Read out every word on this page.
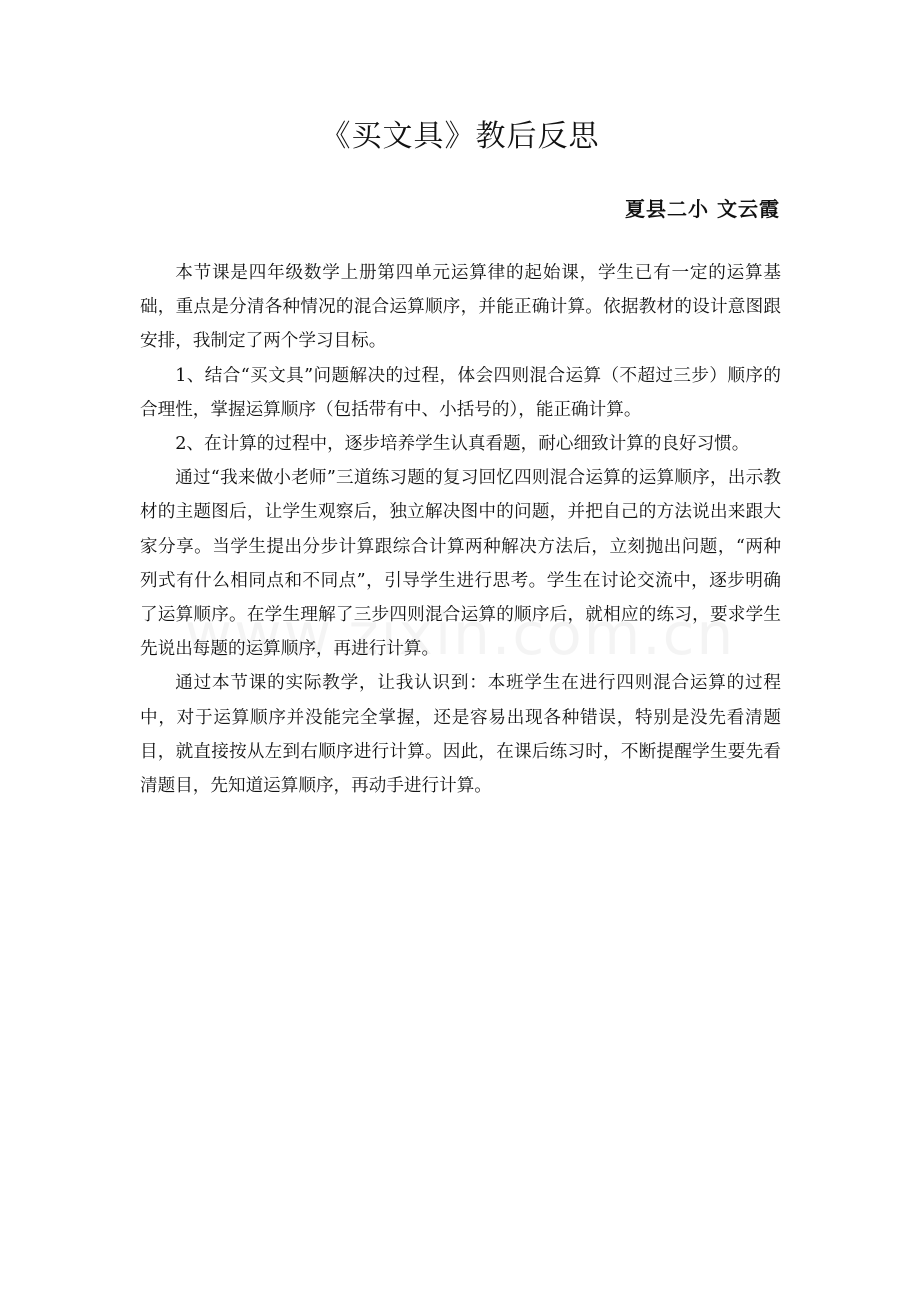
《买文具》教后反思

夏县二小 文云霞

本节课是四年级数学上册第四单元运算律的起始课，学生已有一定的运算基础，重点是分清各种情况的混合运算顺序，并能正确计算。依据教材的设计意图跟安排，我制定了两个学习目标。

1、结合“买文具”问题解决的过程，体会四则混合运算（不超过三步）顺序的合理性，掌握运算顺序（包括带有中、小括号的），能正确计算。

2、在计算的过程中，逐步培养学生认真看题，耐心细致计算的良好习惯。

通过“我来做小老师”三道练习题的复习回忆四则混合运算的运算顺序，出示教材的主题图后，让学生观察后，独立解决图中的问题，并把自己的方法说出来跟大家分享。当学生提出分步计算跟综合计算两种解决方法后，立刻抛出问题，“两种列式有什么相同点和不同点”，引导学生进行思考。学生在讨论交流中，逐步明确了运算顺序。在学生理解了三步四则混合运算的顺序后，就相应的练习，要求学生先说出每题的运算顺序，再进行计算。

通过本节课的实际教学，让我认识到：本班学生在进行四则混合运算的过程中，对于运算顺序并没能完全掌握，还是容易出现各种错误，特别是没先看清题目，就直接按从左到右顺序进行计算。因此，在课后练习时，不断提醒学生要先看清题目，先知道运算顺序，再动手进行计算。
